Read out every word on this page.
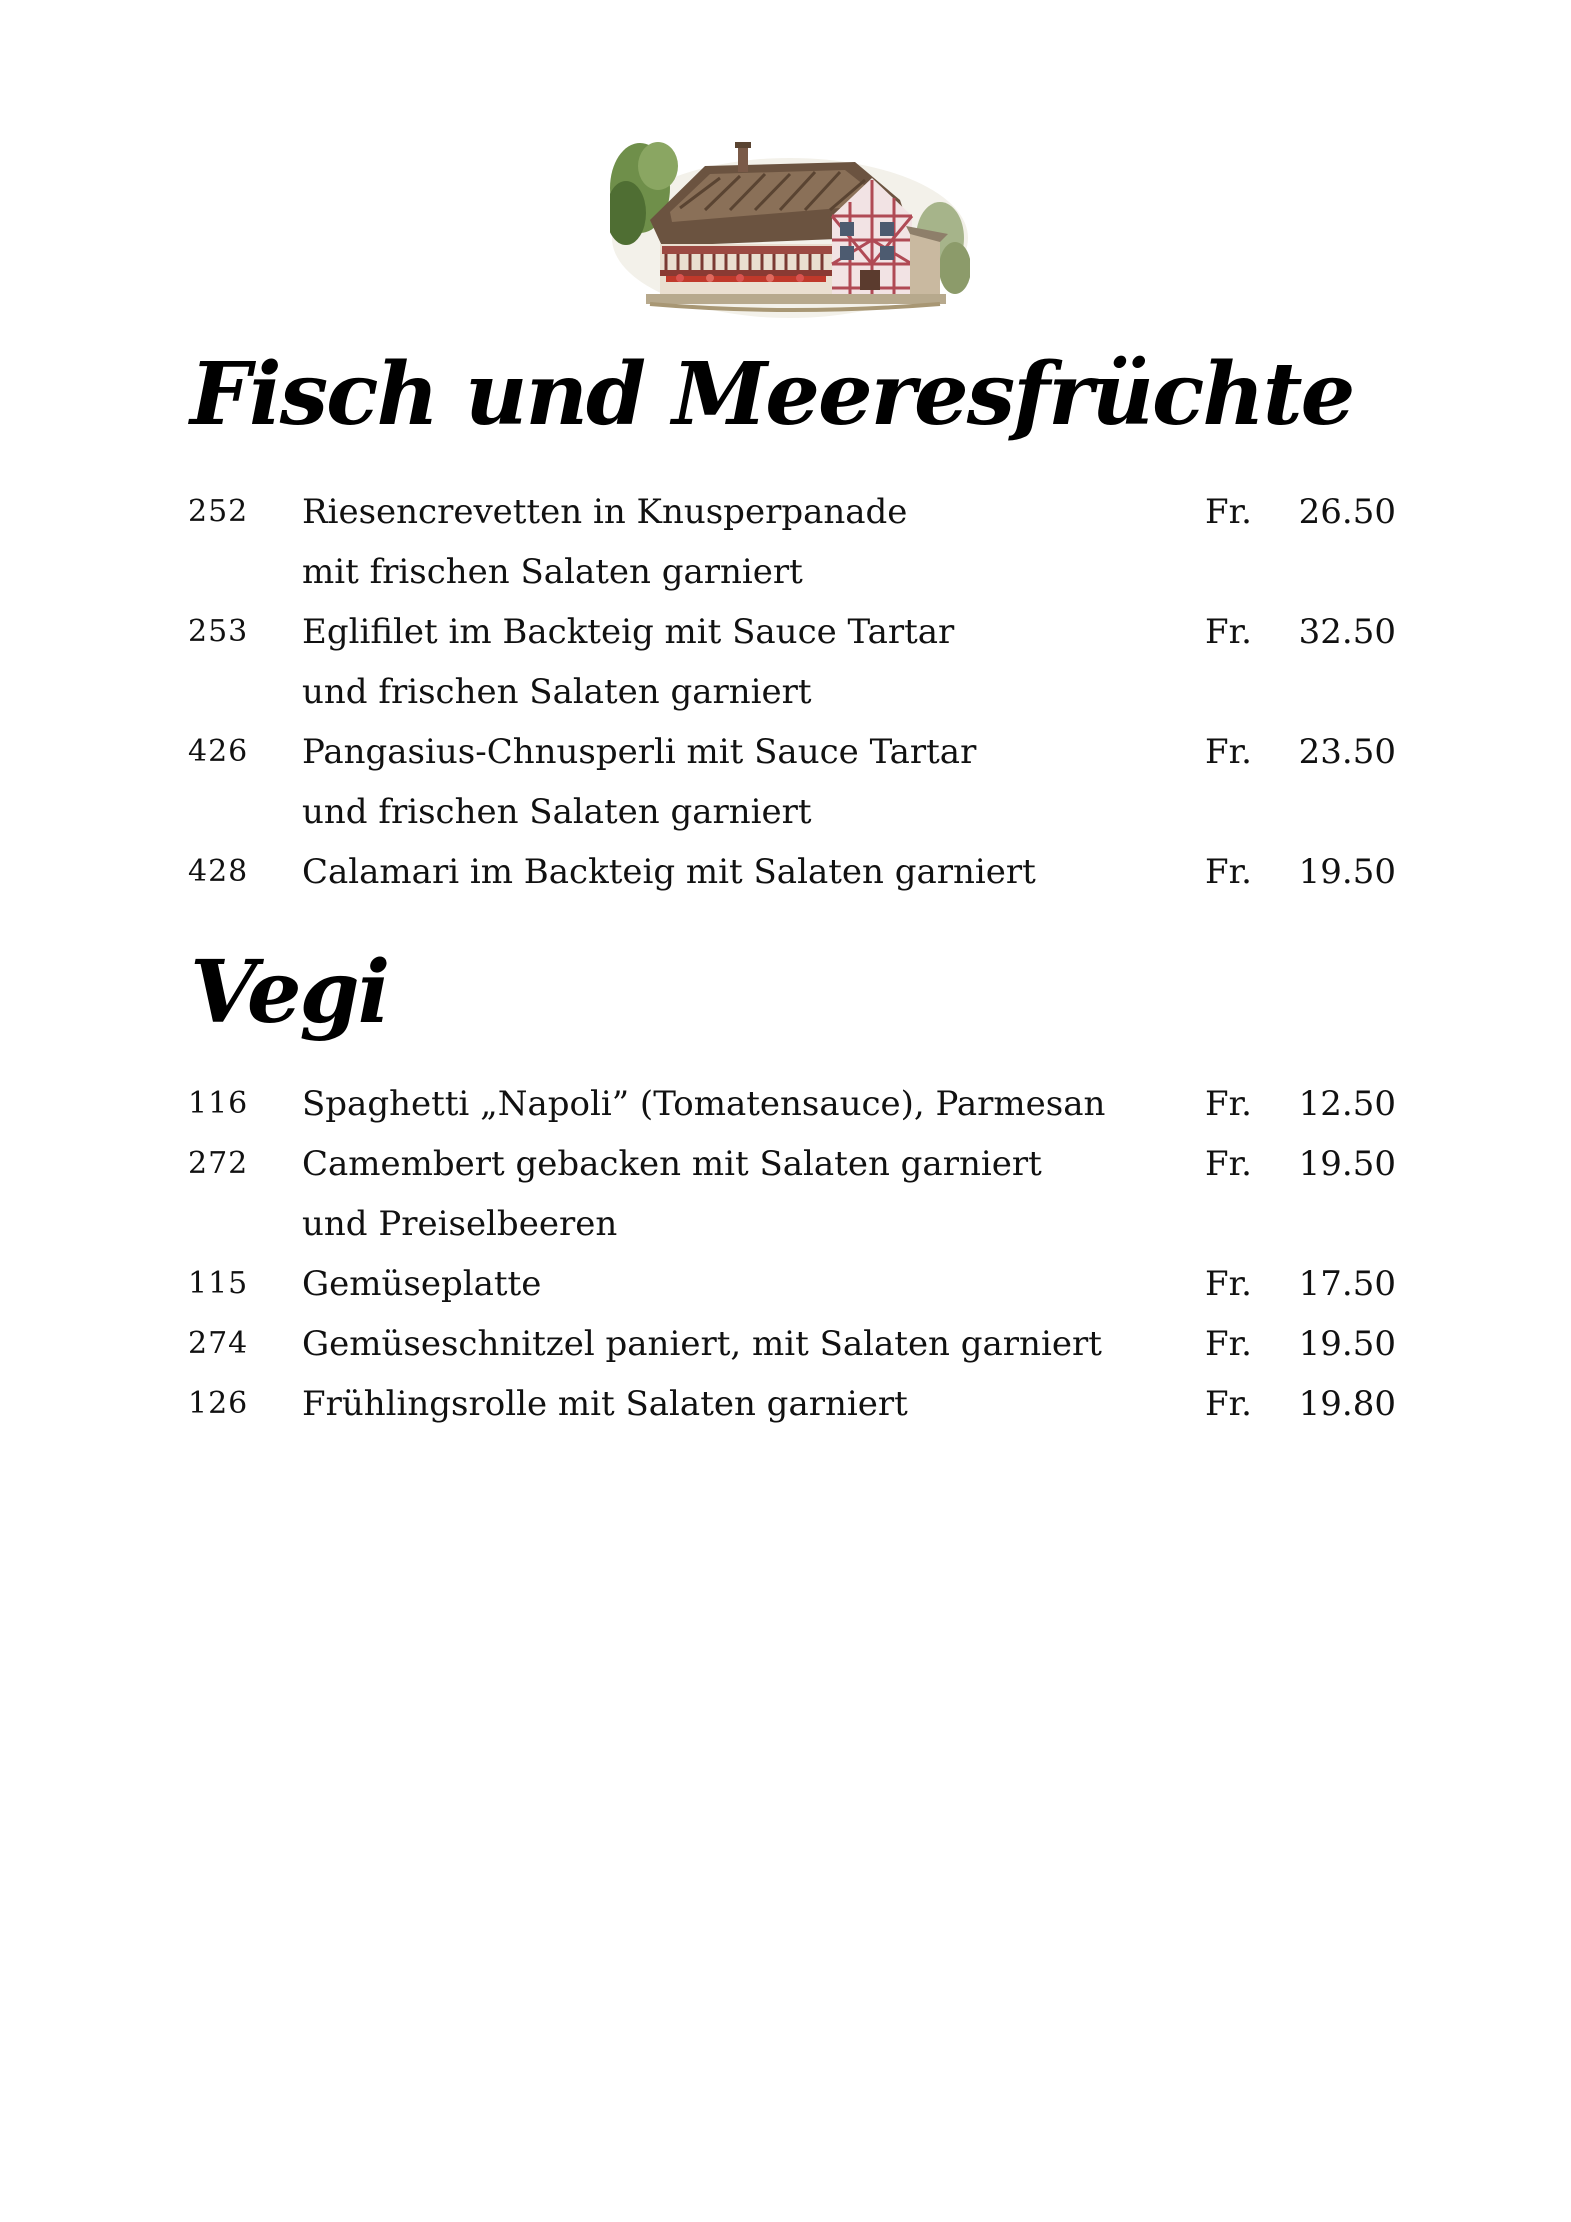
Fisch und Meeresfrüchte
252 Riesencrevetten in Knusperpanade	Fr. 26.50
mit frischen Salaten garniert
253 Eglifilet im Backteig mit Sauce Tartar	Fr. 32.50
und frischen Salaten garniert
426 Pangasius-Chnusperli mit Sauce Tartar	Fr. 23.50
und frischen Salaten garniert
428 Calamari im Backteig mit Salaten garniert	Fr. 19.50
Vegi
116 Spaghetti „Napoli” (Tomatensauce), Parmesan	Fr. 12.50
272 Camembert gebacken mit Salaten garniert	Fr. 19.50
und Preiselbeeren
115 Gemüseplatte	Fr. 17.50
274 Gemüseschnitzel paniert, mit Salaten garniert	Fr. 19.50
126 Frühlingsrolle mit Salaten garniert	Fr. 19.80
